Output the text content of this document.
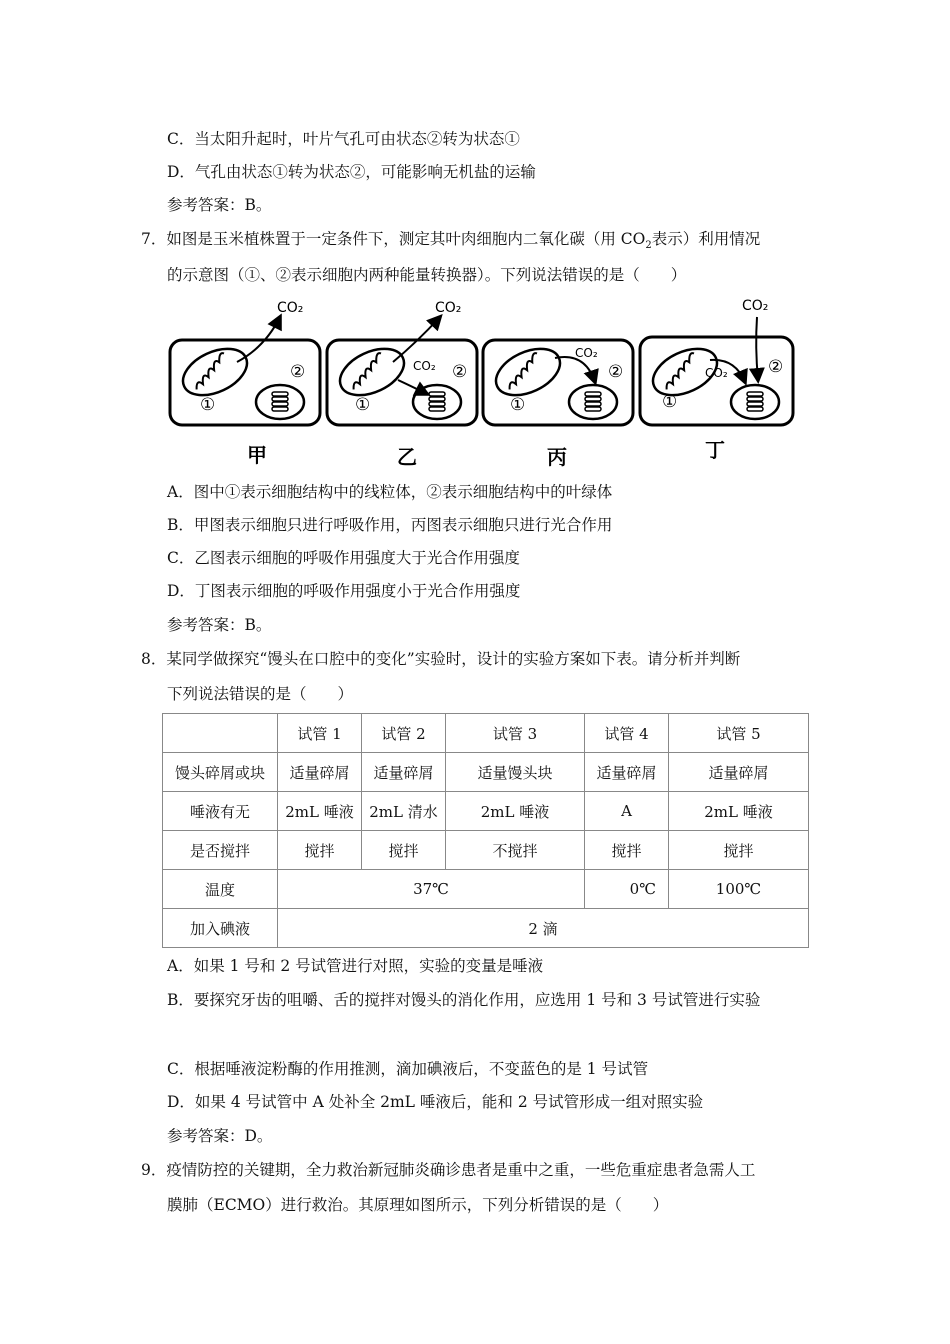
C．当太阳升起时，叶片气孔可由状态②转为状态①
D．气孔由状态①转为状态②，可能影响无机盐的运输
参考答案：B。
7．如图是玉米植株置于一定条件下，测定其叶肉细胞内二氧化碳（用 $CO_2$表示）利用情况
的示意图（①、②表示细胞内两种能量转换器）。下列说法错误的是（　　）
CO₂
②
①
甲
CO₂
CO₂ ②
①
乙
CO₂
②
①
丙
CO₂
CO₂ ②
①
丁
A．图中①表示细胞结构中的线粒体，②表示细胞结构中的叶绿体
B．甲图表示细胞只进行呼吸作用，丙图表示细胞只进行光合作用
C．乙图表示细胞的呼吸作用强度大于光合作用强度
D．丁图表示细胞的呼吸作用强度小于光合作用强度
参考答案：B。
8．某同学做探究“馒头在口腔中的变化”实验时，设计的实验方案如下表。请分析并判断
下列说法错误的是（　　）
	试管 1	试管 2	试管 3	试管 4	试管 5
馒头碎屑或块	适量碎屑	适量碎屑	适量馒头块	适量碎屑	适量碎屑
唾液有无	2mL 唾液	2mL 清水	2mL 唾液	A	2mL 唾液
是否搅拌	搅拌	搅拌	不搅拌	搅拌	搅拌
温度	37℃			0℃	100℃
加入碘液	2 滴				
A．如果 1 号和 2 号试管进行对照，实验的变量是唾液
B．要探究牙齿的咀嚼、舌的搅拌对馒头的消化作用，应选用 1 号和 3 号试管进行实验
C．根据唾液淀粉酶的作用推测，滴加碘液后，不变蓝色的是 1 号试管
D．如果 4 号试管中 A 处补全 2mL 唾液后，能和 2 号试管形成一组对照实验
参考答案：D。
9．疫情防控的关键期，全力救治新冠肺炎确诊患者是重中之重，一些危重症患者急需人工
膜肺（ECMO）进行救治。其原理如图所示，下列分析错误的是（　　）
